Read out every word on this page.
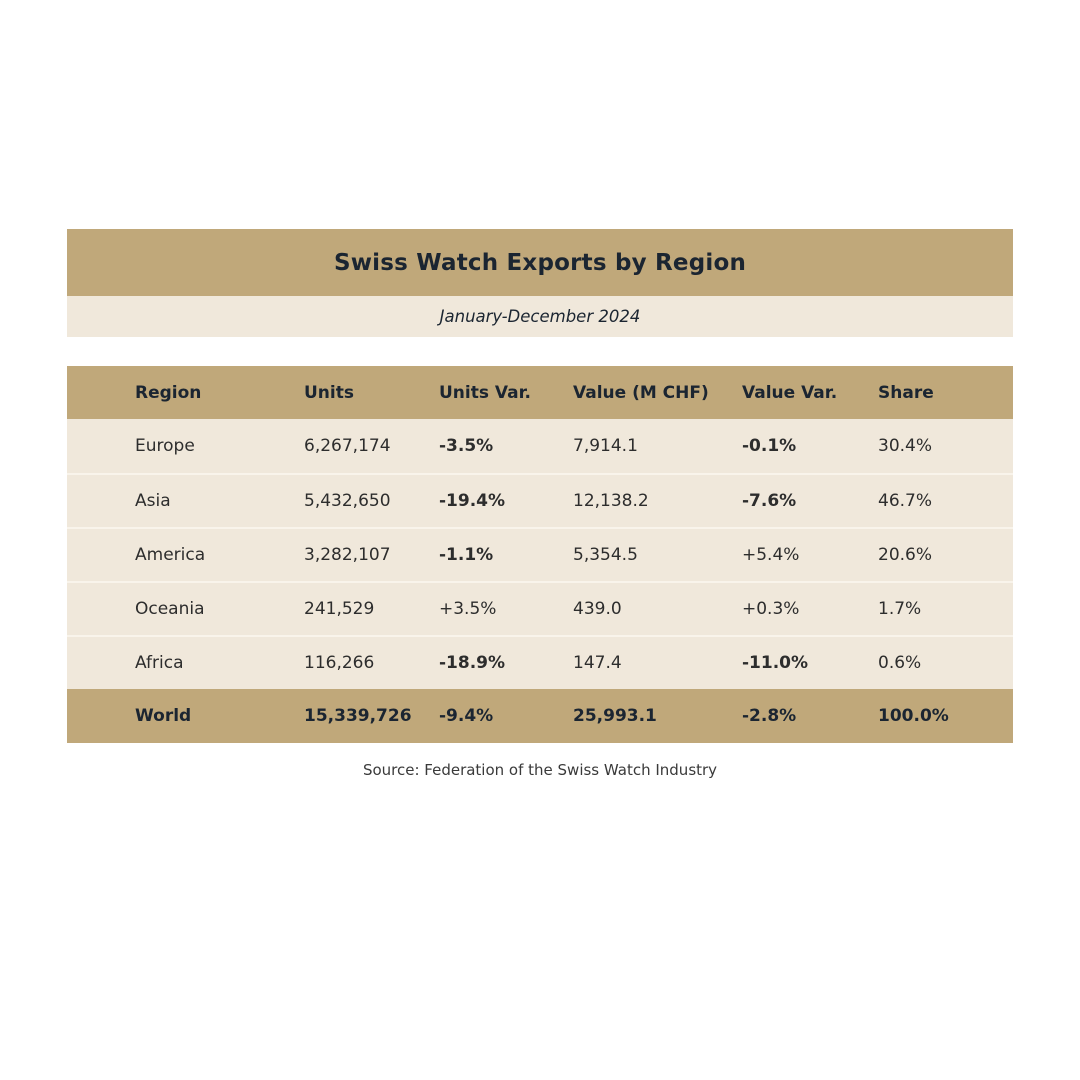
Swiss Watch Exports by Region
January-December 2024
Region	Units	Units Var.	Value (M CHF)	Value Var.	Share
Europe	6,267,174	-3.5%	7,914.1	-0.1%	30.4%
Asia	5,432,650	-19.4%	12,138.2	-7.6%	46.7%
America	3,282,107	-1.1%	5,354.5	+5.4%	20.6%
Oceania	241,529	+3.5%	439.0	+0.3%	1.7%
Africa	116,266	-18.9%	147.4	-11.0%	0.6%
World	15,339,726	-9.4%	25,993.1	-2.8%	100.0%
Source: Federation of the Swiss Watch Industry
